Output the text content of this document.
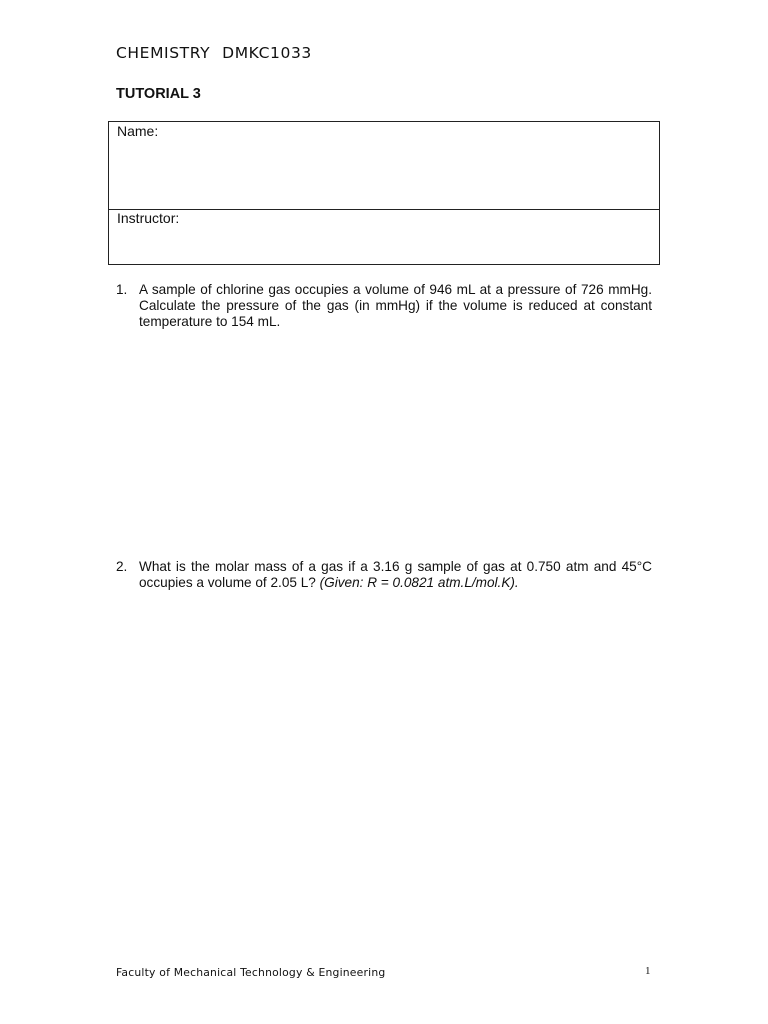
CHEMISTRY DMKC1033
TUTORIAL 3
Name:
Instructor:
1. A sample of chlorine gas occupies a volume of 946 mL at a pressure of 726 mmHg. Calculate the pressure of the gas (in mmHg) if the volume is reduced at constant temperature to 154 mL.
2. What is the molar mass of a gas if a 3.16 g sample of gas at 0.750 atm and 45°C occupies a volume of 2.05 L? (Given: R = 0.0821 atm.L/mol.K).
Faculty of Mechanical Technology & Engineering	1
